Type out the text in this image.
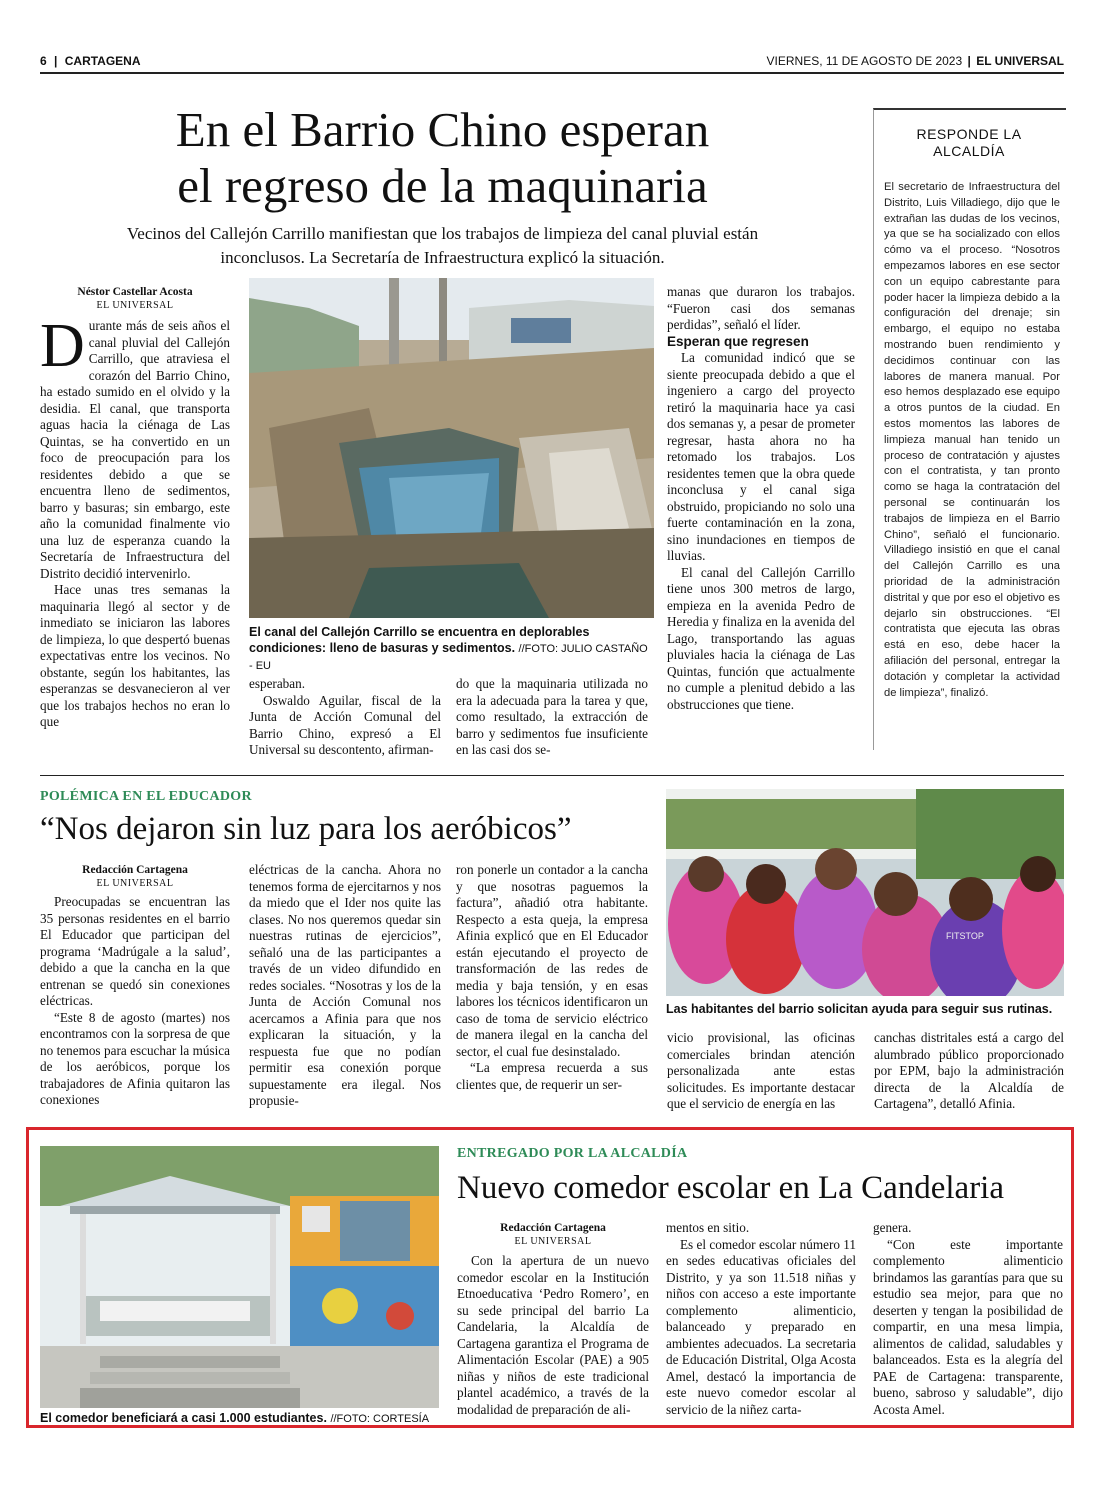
6 | CARTAGENA	VIERNES, 11 DE AGOSTO DE 2023 | EL UNIVERSAL
En el Barrio Chino esperan
el regreso de la maquinaria
Vecinos del Callejón Carrillo manifiestan que los trabajos de limpieza del canal pluvial están
inconclusos. La Secretaría de Infraestructura explicó la situación.
Néstor Castellar Acosta
EL UNIVERSAL

Durante más de seis años el canal pluvial del Callejón Carrillo, que atraviesa el corazón del Barrio Chino, ha estado sumido en el olvido y la desidia. El canal, que transporta aguas hacia la ciénaga de Las Quintas, se ha convertido en un foco de preocupación para los residentes debido a que se encuentra lleno de sedimentos, barro y basuras; sin embargo, este año la comunidad finalmente vio una luz de esperanza cuando la Secretaría de Infraestructura del Distrito decidió intervenirlo.

Hace unas tres semanas la maquinaria llegó al sector y de inmediato se iniciaron las labores de limpieza, lo que despertó buenas expectativas entre los vecinos. No obstante, según los habitantes, las esperanzas se desvanecieron al ver que los trabajos hechos no eran lo que

El canal del Callejón Carrillo se encuentra en deplorables condiciones: lleno de basuras y sedimentos. //FOTO: JULIO CASTAÑO - EU

esperaban.

Oswaldo Aguilar, fiscal de la Junta de Acción Comunal del Barrio Chino, expresó a El Universal su descontento, afirman-

do que la maquinaria utilizada no era la adecuada para la tarea y que, como resultado, la extracción de barro y sedimentos fue insuficiente en las casi dos se-

manas que duraron los trabajos. “Fueron casi dos semanas perdidas”, señaló el líder.

Esperan que regresen

La comunidad indicó que se siente preocupada debido a que el ingeniero a cargo del proyecto retiró la maquinaria hace ya casi dos semanas y, a pesar de prometer regresar, hasta ahora no ha retomado los trabajos. Los residentes temen que la obra quede inconclusa y el canal siga obstruido, propiciando no solo una fuerte contaminación en la zona, sino inundaciones en tiempos de lluvias.

El canal del Callejón Carrillo tiene unos 300 metros de largo, empieza en la avenida Pedro de Heredia y finaliza en la avenida del Lago, transportando las aguas pluviales hacia la ciénaga de Las Quintas, función que actualmente no cumple a plenitud debido a las obstrucciones que tiene.

RESPONDE LA
ALCALDÍA
El secretario de Infraestructura del Distrito, Luis Villadiego, dijo que le extrañan las dudas de los vecinos, ya que se ha socializado con ellos cómo va el proceso. “Nosotros empezamos labores en ese sector con un equipo cabrestante para poder hacer la limpieza debido a la configuración del drenaje; sin embargo, el equipo no estaba mostrando buen rendimiento y decidimos continuar con las labores de manera manual. Por eso hemos desplazado ese equipo a otros puntos de la ciudad. En estos momentos las labores de limpieza manual han tenido un proceso de contratación y ajustes con el contratista, y tan pronto como se haga la contratación del personal se continuarán los trabajos de limpieza en el Barrio Chino”, señaló el funcionario. Villadiego insistió en que el canal del Callejón Carrillo es una prioridad de la administración distrital y que por eso el objetivo es dejarlo sin obstrucciones. “El contratista que ejecuta las obras está en eso, debe hacer la afiliación del personal, entregar la dotación y completar la actividad de limpieza”, finalizó.
POLÉMICA EN EL EDUCADOR
“Nos dejaron sin luz para los aeróbicos”
Redacción Cartagena
EL UNIVERSAL

Preocupadas se encuentran las 35 personas residentes en el barrio El Educador que participan del programa ‘Madrúgale a la salud’, debido a que la cancha en la que entrenan se quedó sin conexiones eléctricas.

“Este 8 de agosto (martes) nos encontramos con la sorpresa de que no tenemos para escuchar la música de los aeróbicos, porque los trabajadores de Afinia quitaron las conexiones

eléctricas de la cancha. Ahora no tenemos forma de ejercitarnos y nos da miedo que el Ider nos quite las clases. No nos queremos quedar sin nuestras rutinas de ejercicios”, señaló una de las participantes a través de un video difundido en redes sociales. “Nosotras y los de la Junta de Acción Comunal nos acercamos a Afinia para que nos explicaran la situación, y la respuesta fue que no podían permitir esa conexión porque supuestamente era ilegal. Nos propusie-

ron ponerle un contador a la cancha y que nosotras paguemos la factura”, añadió otra habitante. Respecto a esta queja, la empresa Afinia explicó que en El Educador están ejecutando el proyecto de transformación de las redes de media y baja tensión, y en esas labores los técnicos identificaron un caso de toma de servicio eléctrico de manera ilegal en la cancha del sector, el cual fue desinstalado.

“La empresa recuerda a sus clientes que, de requerir un ser-

FITSTOP
Las habitantes del barrio solicitan ayuda para seguir sus rutinas.

vicio provisional, las oficinas comerciales brindan atención personalizada ante estas solicitudes. Es importante destacar que el servicio de energía en las

canchas distritales está a cargo del alumbrado público proporcionado por EPM, bajo la administración directa de la Alcaldía de Cartagena”, detalló Afinia.

El comedor beneficiará a casi 1.000 estudiantes. //FOTO: CORTESÍA
ENTREGADO POR LA ALCALDÍA
Nuevo comedor escolar en La Candelaria
Redacción Cartagena
EL UNIVERSAL

Con la apertura de un nuevo comedor escolar en la Institución Etnoeducativa ‘Pedro Romero’, en su sede principal del barrio La Candelaria, la Alcaldía de Cartagena garantiza el Programa de Alimentación Escolar (PAE) a 905 niñas y niños de este tradicional plantel académico, a través de la modalidad de preparación de ali-

mentos en sitio.

Es el comedor escolar número 11 en sedes educativas oficiales del Distrito, y ya son 11.518 niñas y niños con acceso a este importante complemento alimenticio, balanceado y preparado en ambientes adecuados. La secretaria de Educación Distrital, Olga Acosta Amel, destacó la importancia de este nuevo comedor escolar al servicio de la niñez carta-

genera.

“Con este importante complemento alimenticio brindamos las garantías para que su estudio sea mejor, para que no deserten y tengan la posibilidad de compartir, en una mesa limpia, alimentos de calidad, saludables y balanceados. Esta es la alegría del PAE de Cartagena: transparente, bueno, sabroso y saludable”, dijo Acosta Amel.
